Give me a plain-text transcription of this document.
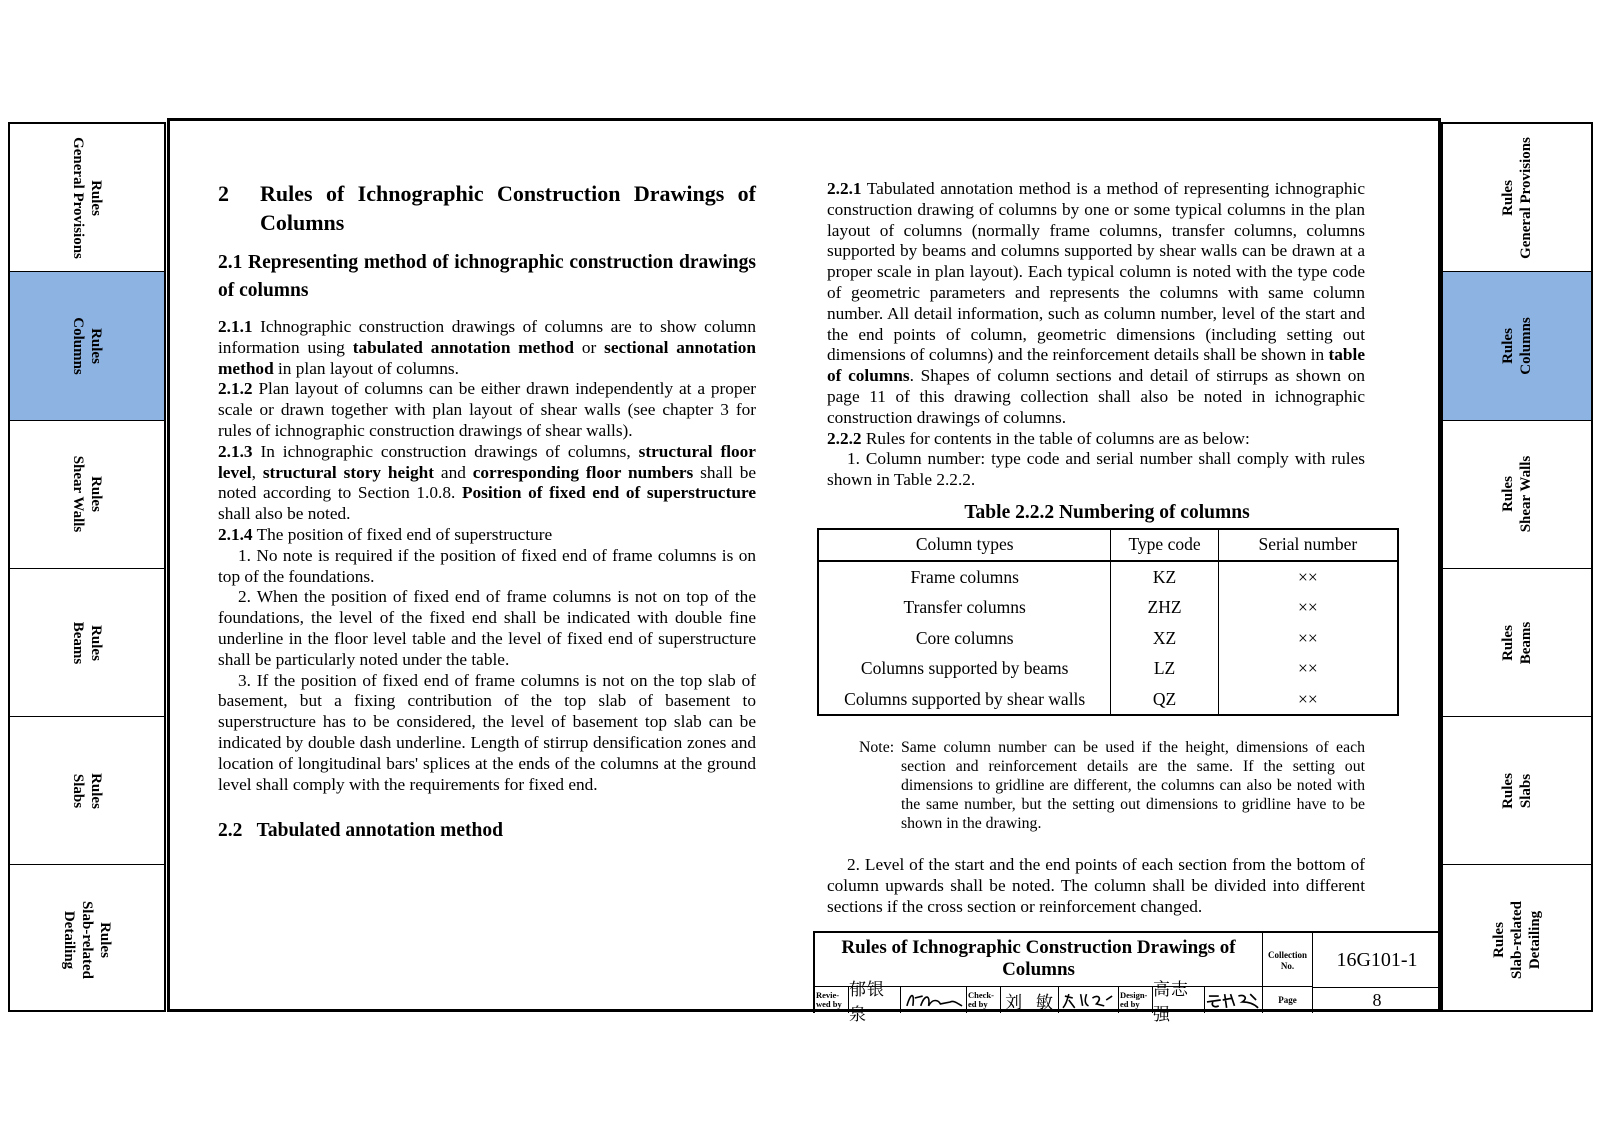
Rules
General Provisions
Rules
Columns
Rules
Shear Walls
Rules
Beams
Rules
Slabs
Rules
Slab-related
Detailing
Rules General Provisions
Rules Columns
Rules Shear Walls
Rules Beams
Rules Slabs
Rules Slab-related Detailing
2	Rules of Ichnographic Construction Drawings of Columns
2.1 Representing method of ichnographic construction drawings of columns

2.1.1 Ichnographic construction drawings of columns are to show column information using tabulated annotation method or sectional annotation method in plan layout of columns.

2.1.2 Plan layout of columns can be either drawn independently at a proper scale or drawn together with plan layout of shear walls (see chapter 3 for rules of ichnographic construction drawings of shear walls).

2.1.3 In ichnographic construction drawings of columns, structural floor level, structural story height and corresponding floor numbers shall be noted according to Section 1.0.8. Position of fixed end of superstructure shall also be noted.

2.1.4 The position of fixed end of superstructure

1. No note is required if the position of fixed end of frame columns is on top of the foundations.

2. When the position of fixed end of frame columns is not on top of the foundations, the level of the fixed end shall be indicated with double fine underline in the floor level table and the level of fixed end of superstructure shall be particularly noted under the table.

3. If the position of fixed end of frame columns is not on the top slab of basement, but a fixing contribution of the top slab of basement to superstructure has to be considered, the level of basement top slab can be indicated by double dash underline. Length of stirrup densification zones and location of longitudinal bars' splices at the ends of the columns at the ground level shall comply with the requirements for fixed end.

2.2   Tabulated annotation method

2.2.1 Tabulated annotation method is a method of representing ichnographic construction drawing of columns by one or some typical columns in the plan layout of columns (normally frame columns, transfer columns, columns supported by beams and columns supported by shear walls can be drawn at a proper scale in plan layout). Each typical column is noted with the type code of geometric parameters and represents the columns with same column number. All detail information, such as column number, level of the start and the end points of column, geometric dimensions (including setting out dimensions of columns) and the reinforcement details shall be shown in table of columns. Shapes of column sections and detail of stirrups as shown on page 11 of this drawing collection shall also be noted in ichnographic construction drawings of columns.

2.2.2 Rules for contents in the table of columns are as below:

1. Column number: type code and serial number shall comply with rules shown in Table 2.2.2.

Table 2.2.2 Numbering of columns
Column types	Type code	Serial number
Frame columns	KZ	××
Transfer columns	ZHZ	××
Core columns	XZ	××
Columns supported by beams	LZ	××
Columns supported by shear walls	QZ	××
Note: Same column number can be used if the height, dimensions of each section and reinforcement details are the same. If the setting out dimensions to gridline are different, the columns can also be noted with the same number, but the setting out dimensions to gridline have to be shown in the drawing.

2. Level of the start and the end points of each section from the bottom of column upwards shall be noted. The column shall be divided into different sections if the cross section or reinforcement changed.

Rules of Ichnographic Construction Drawings of Columns
Collection
No.	16G101-1
Revie-
wed by
郁银泉
Check-
ed by	刘  敏	Design-
ed by
高志强
Page	8
